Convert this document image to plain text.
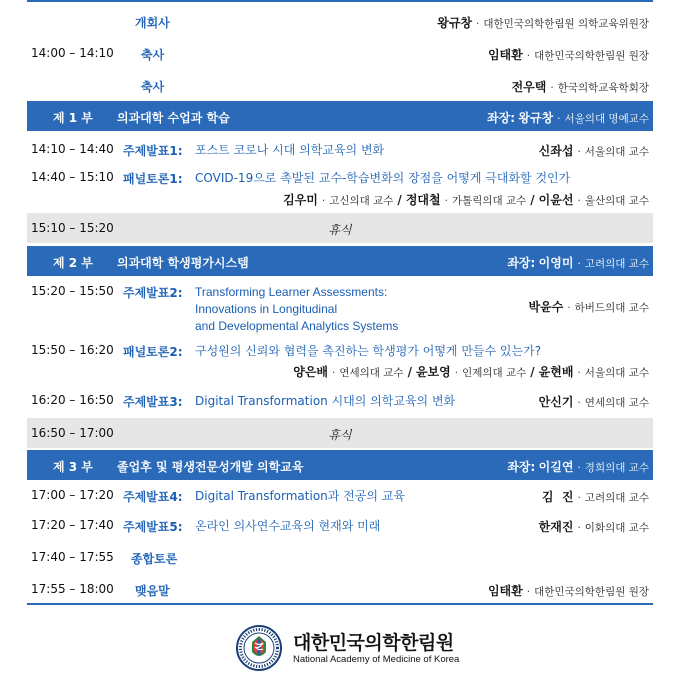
개회사	왕규창 · 대한민국의학한림원 의학교육위원장
14:00 – 14:10 축사	임태환 · 대한민국의학한림원 원장
축사	전우택 · 한국의학교육학회장
제 1 부 의과대학 수업과 학습	좌장: 왕규창 · 서울의대 명예교수
14:10 – 14:40 주제발표1: 포스트 코로나 시대 의학교육의 변화	신좌섭 · 서울의대 교수
14:40 – 15:10 패널토론1: COVID-19으로 촉발된 교수-학습변화의 장점을 어떻게 극대화할 것인가
김우미 · 고신의대 교수 / 정대철 · 가톨릭의대 교수 / 이윤선 · 울산의대 교수
15:10 – 15:20	휴식
제 2 부 의과대학 학생평가시스템	좌장: 이영미 · 고려의대 교수
15:20 – 15:50 주제발표2: Transforming Learner Assessments:
Innovations in Longitudinal
and Developmental Analytics Systems
박윤수 · 하버드의대 교수
15:50 – 16:20 패널토론2: 구성원의 신뢰와 협력을 촉진하는 학생평가 어떻게 만들수 있는가?
양은배 · 연세의대 교수 / 윤보영 · 인제의대 교수 / 윤현배 · 서울의대 교수
16:20 – 16:50 주제발표3: Digital Transformation 시대의 의학교육의 변화	안신기 · 연세의대 교수
16:50 – 17:00	휴식
제 3 부 졸업후 및 평생전문성개발 의학교육	좌장: 이길연 · 경희의대 교수
17:00 – 17:20 주제발표4: Digital Transformation과 전공의 교육	김  진 · 고려의대 교수
17:20 – 17:40 주제발표5: 온라인 의사연수교육의 현재와 미래	한재진 · 이화의대 교수
17:40 – 17:55 종합토론
17:55 – 18:00 맺음말	임태환 · 대한민국의학한림원 원장
대한민국의학한림원
National Academy of Medicine of Korea
